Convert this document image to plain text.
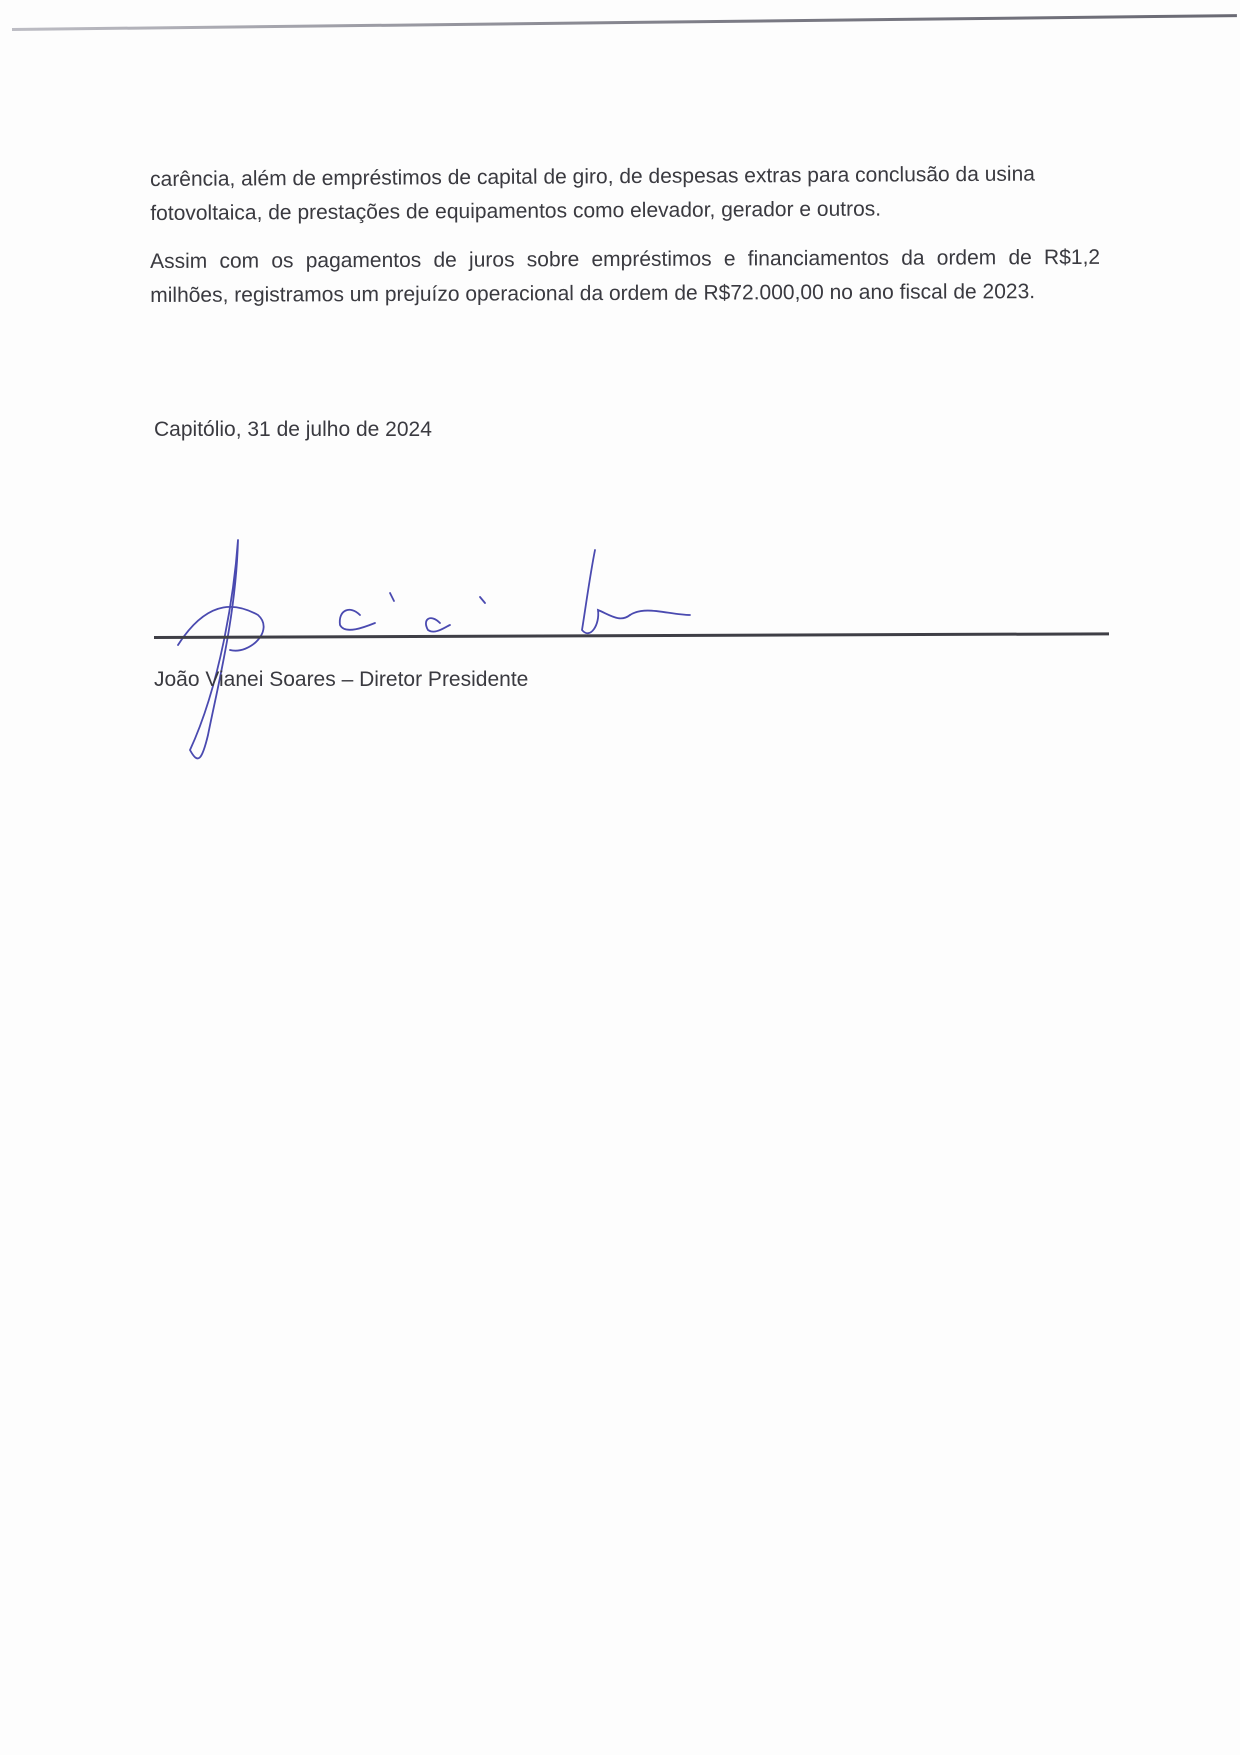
carência, além de empréstimos de capital de giro, de despesas extras para conclusão da usina fotovoltaica, de prestações de equipamentos como elevador, gerador e outros.

Assim com os pagamentos de juros sobre empréstimos e financiamentos da ordem de R$1,2 milhões, registramos um prejuízo operacional da ordem de R$72.000,00 no ano fiscal de 2023.

Capitólio, 31 de julho de 2024
João Vianei Soares – Diretor Presidente
